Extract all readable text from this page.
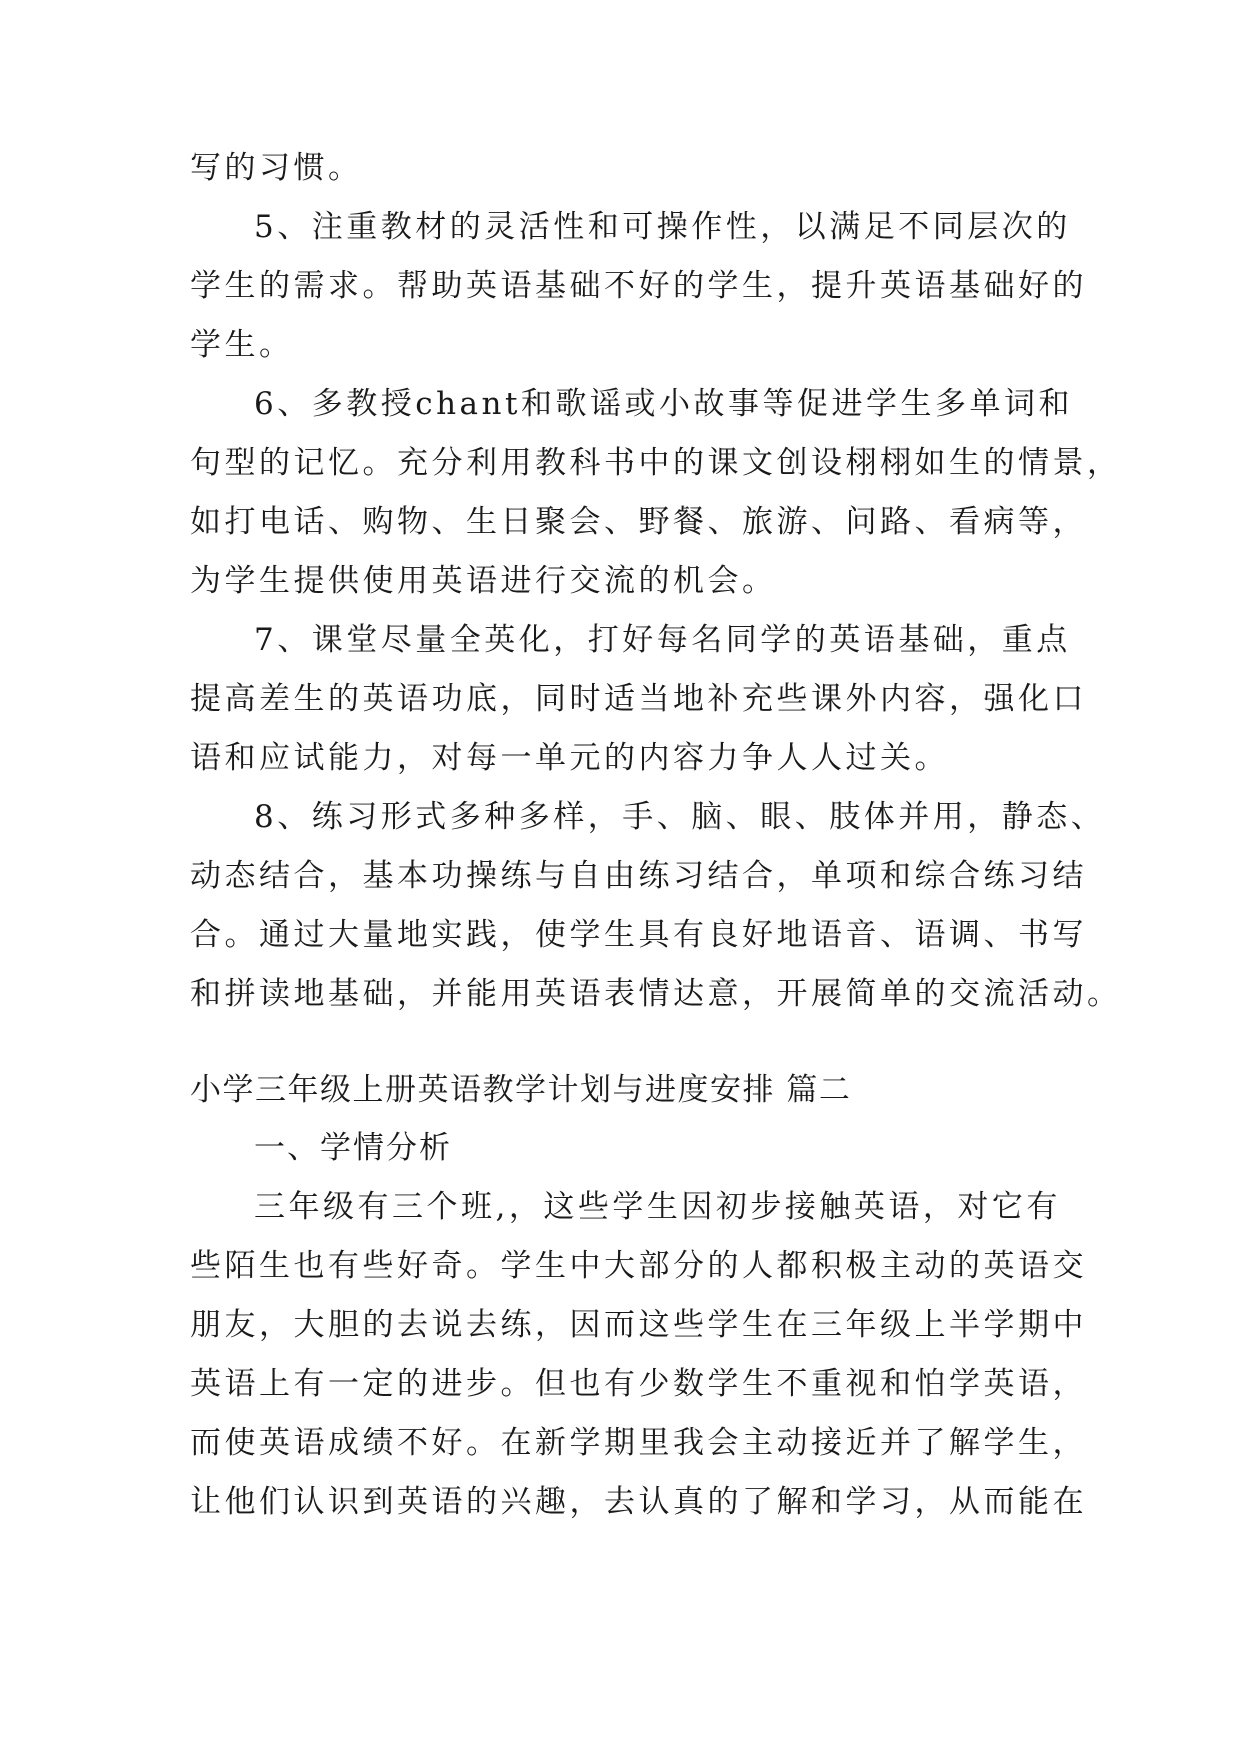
写的习惯。
5、注重教材的灵活性和可操作性，以满足不同层次的
学生的需求。帮助英语基础不好的学生，提升英语基础好的
学生。
6、多教授chant和歌谣或小故事等促进学生多单词和
句型的记忆。充分利用教科书中的课文创设栩栩如生的情景，
如打电话、购物、生日聚会、野餐、旅游、问路、看病等，
为学生提供使用英语进行交流的机会。
7、课堂尽量全英化，打好每名同学的英语基础，重点
提高差生的英语功底，同时适当地补充些课外内容，强化口
语和应试能力，对每一单元的内容力争人人过关。
8、练习形式多种多样，手、脑、眼、肢体并用，静态、
动态结合，基本功操练与自由练习结合，单项和综合练习结
合。通过大量地实践，使学生具有良好地语音、语调、书写
和拼读地基础，并能用英语表情达意，开展简单的交流活动。
小学三年级上册英语教学计划与进度安排 篇二
一、学情分析
三年级有三个班,，这些学生因初步接触英语，对它有
些陌生也有些好奇。学生中大部分的人都积极主动的英语交
朋友，大胆的去说去练，因而这些学生在三年级上半学期中
英语上有一定的进步。但也有少数学生不重视和怕学英语，
而使英语成绩不好。在新学期里我会主动接近并了解学生，
让他们认识到英语的兴趣，去认真的了解和学习，从而能在
